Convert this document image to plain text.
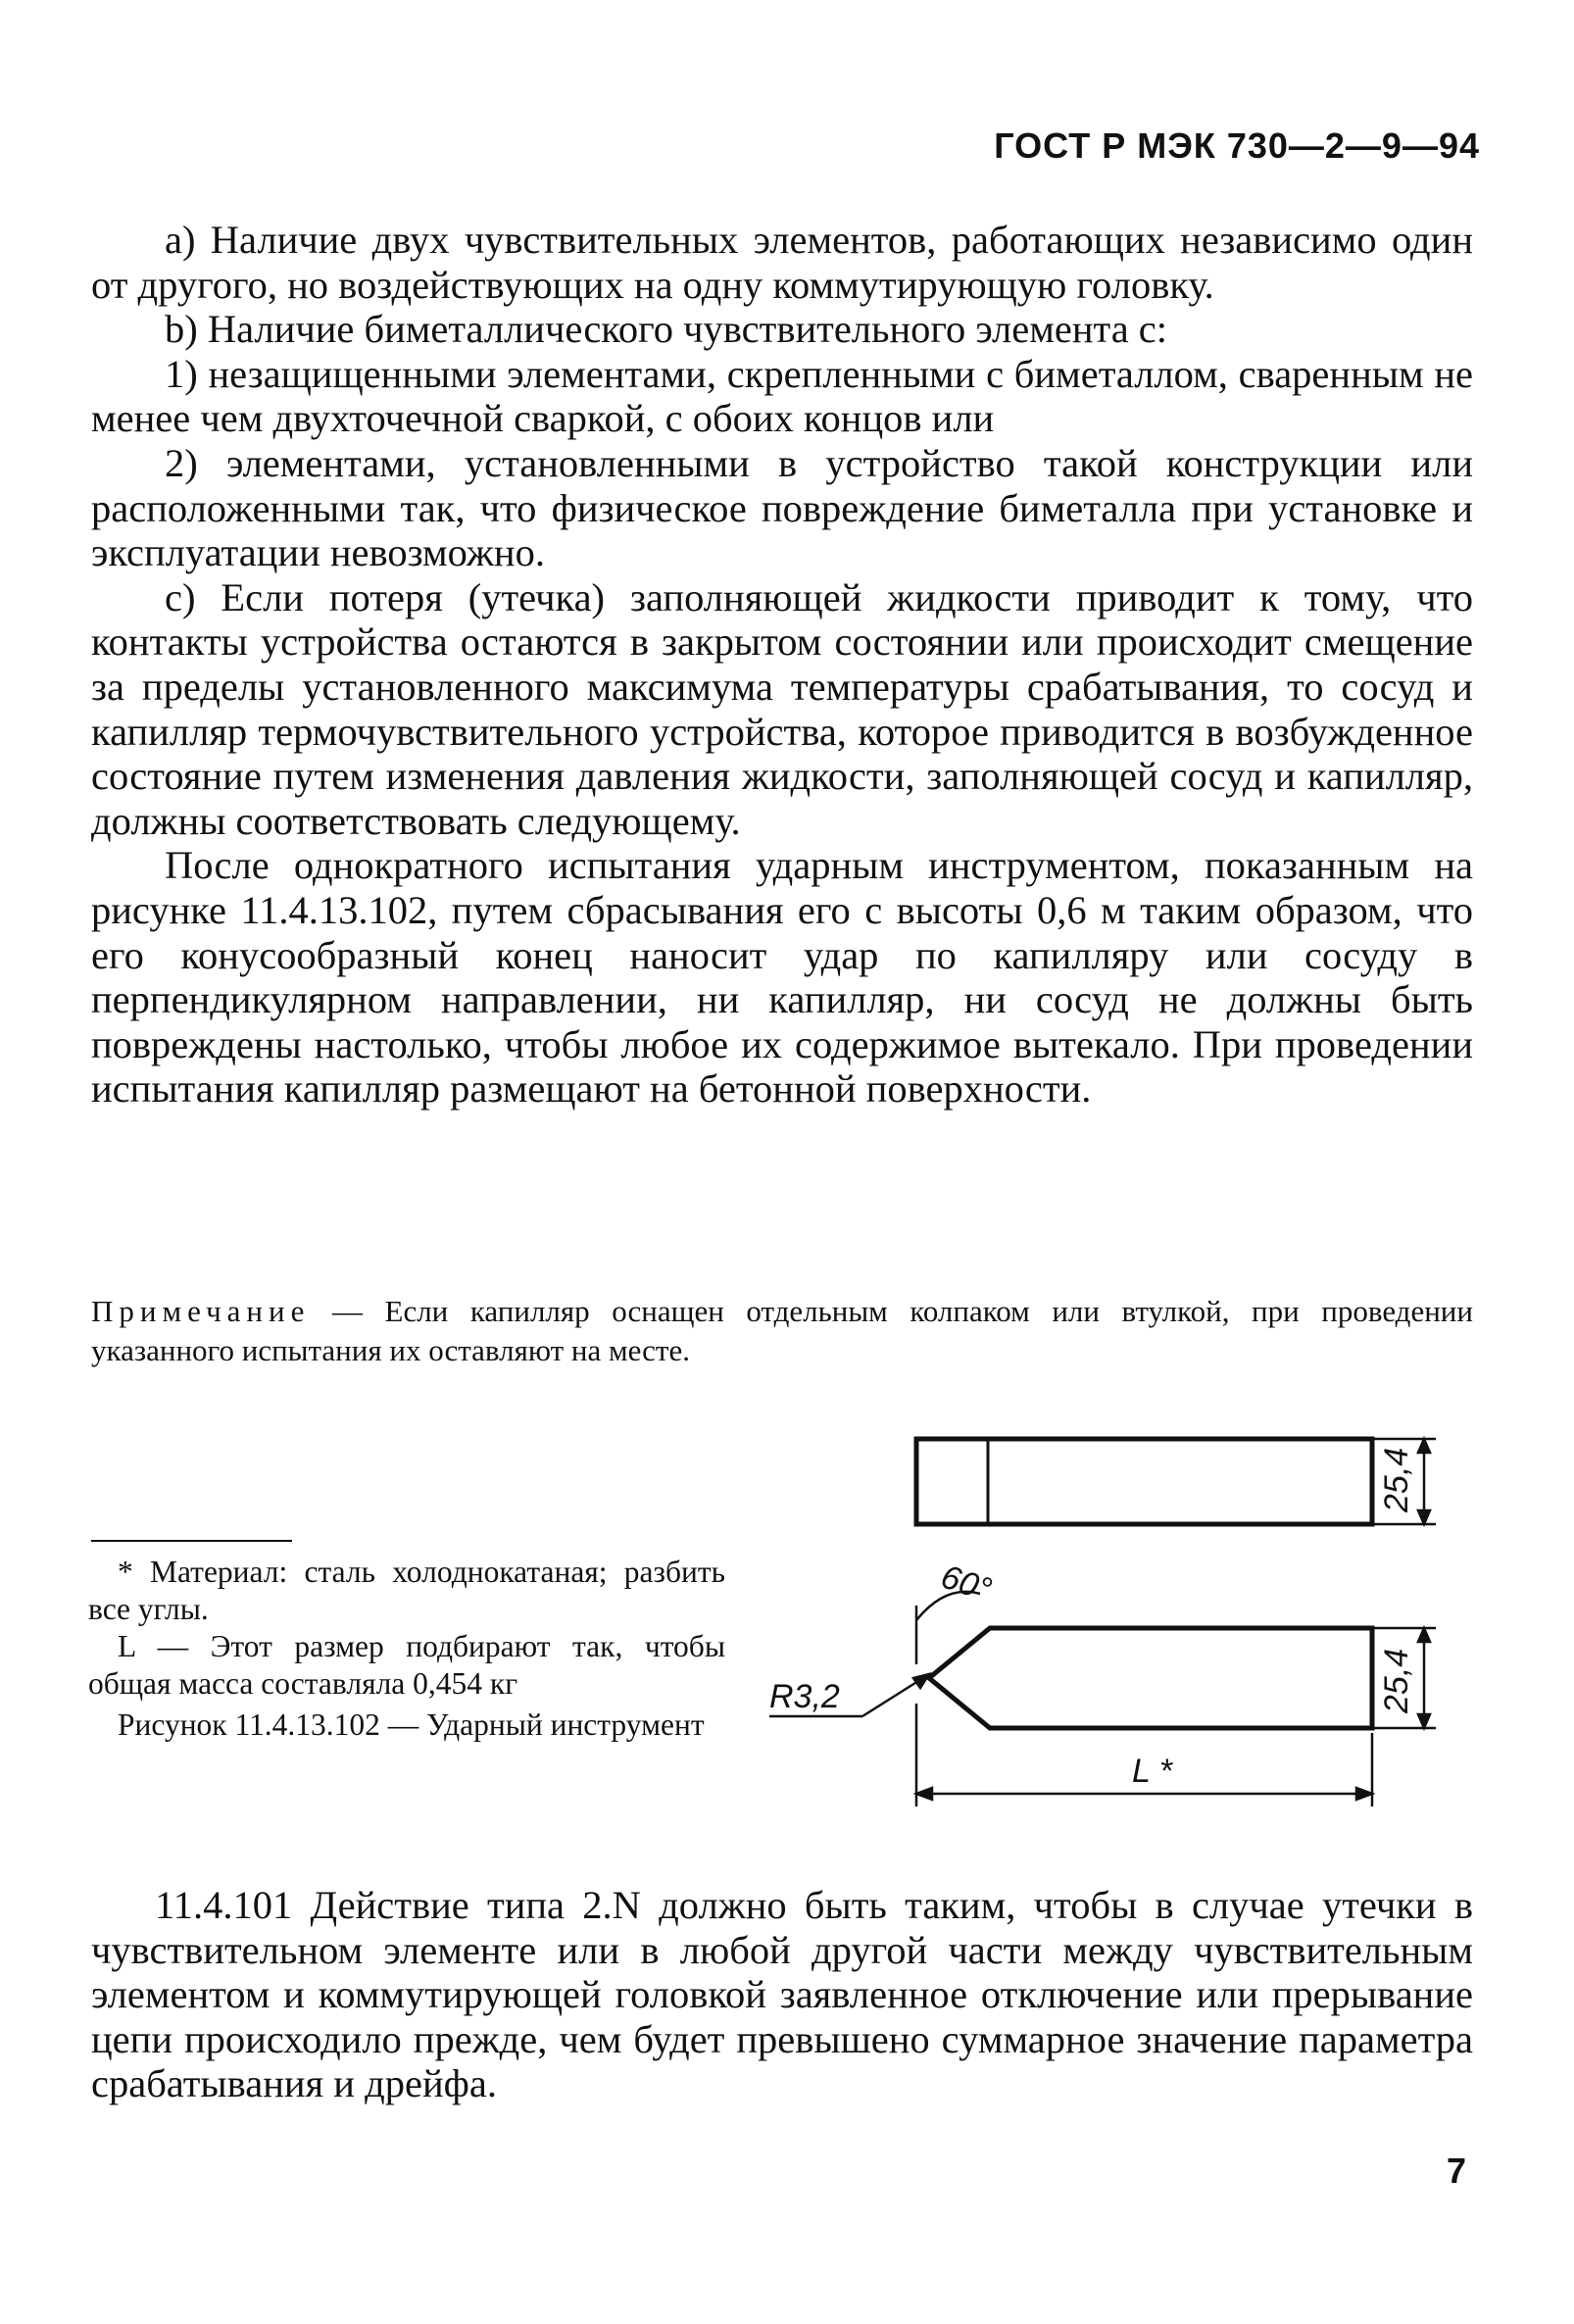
ГОСТ Р МЭК 730—2—9—94

a) Наличие двух чувствительных элементов, работающих независимо один от другого, но воздействующих на одну коммутирующую головку.

b) Наличие биметаллического чувствительного элемента с:

1) незащищенными элементами, скрепленными с биметаллом, сваренным не менее чем двухточечной сваркой, с обоих концов или

2) элементами, установленными в устройство такой конструкции или расположенными так, что физическое повреждение биметалла при установке и эксплуатации невозможно.

c) Если потеря (утечка) заполняющей жидкости приводит к тому, что контакты устройства остаются в закрытом состоянии или происходит смещение за пределы установленного максимума температуры срабатывания, то сосуд и капилляр термочувствительного устройства, которое приводится в возбужденное состояние путем изменения давления жидкости, заполняющей сосуд и капилляр, должны соответствовать следующему.

После однократного испытания ударным инструментом, показанным на рисунке 11.4.13.102, путем сбрасывания его с высоты 0,6 м таким образом, что его конусообразный конец наносит удар по капилляру или сосуду в перпендикулярном направлении, ни капилляр, ни сосуд не должны быть повреждены настолько, чтобы любое их содержимое вытекало. При проведении испытания капилляр размещают на бетонной поверхности.

Примечание — Если капилляр оснащен отдельным колпаком или втулкой, при проведении указанного испытания их оставляют на месте.

* Материал: сталь холоднокатаная; разбить все углы.

L — Этот размер подбирают так, чтобы общая масса составляла 0,454 кг

Рисунок 11.4.13.102 — Ударный инструмент

25,4
25,4
60°
R3,2
L *

11.4.101 Действие типа 2.N должно быть таким, чтобы в случае утечки в чувствительном элементе или в любой другой части между чувствительным элементом и коммутирующей головкой заявленное отключение или прерывание цепи происходило прежде, чем будет превышено суммарное значение параметра срабатывания и дрейфа.

7
